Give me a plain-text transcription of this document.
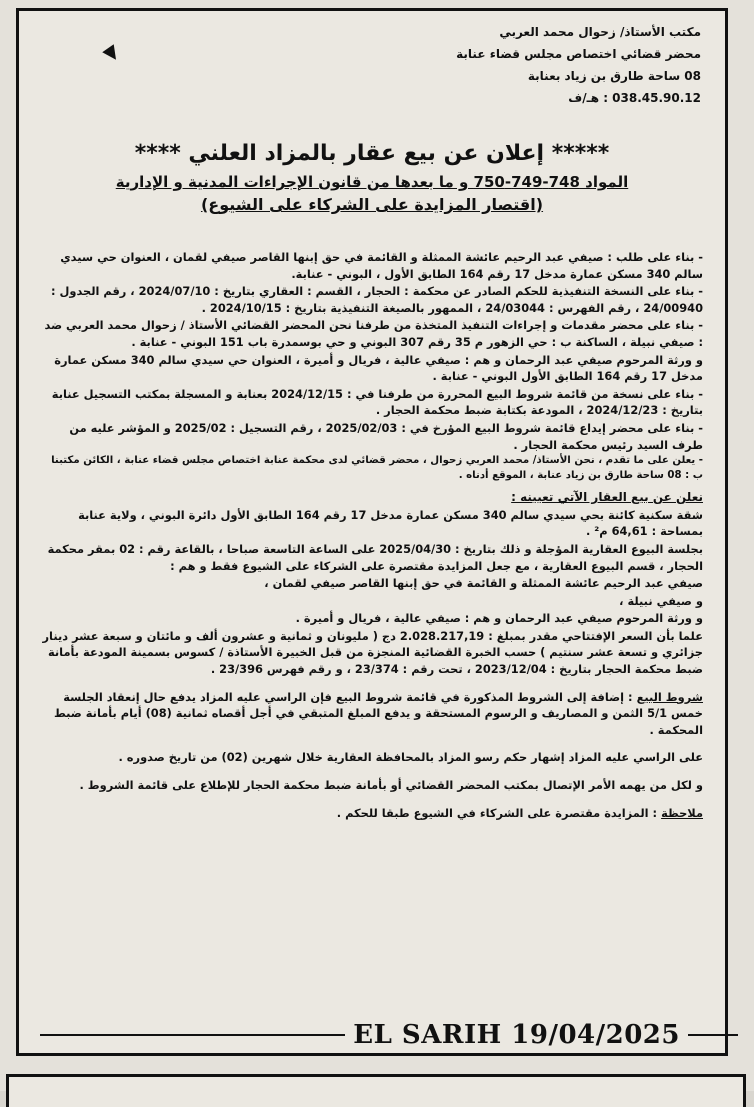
مكتب الأستاذ/ زحوال محمد العربي
محضر قضائي اختصاص مجلس قضاء عنابة
08 ساحة طارق بن زياد بعنابة
038.45.90.12 : هـ/ف

***** إعلان عن بيع عقار بالمزاد العلني ****

المواد 748-749-750 و ما بعدها من قانون الإجراءات المدنية و الإدارية

(اقتصار المزايدة على الشركاء على الشيوع)

- بناء على طلب : صيفي عبد الرحيم عائشة الممثلة و القائمة في حق إبنها القاصر صيفي لقمان ، العنوان حي سيدي سالم 340 مسكن عمارة مدخل 17 رقم 164 الطابق الأول ، البوني - عنابة.

- بناء على النسخة التنفيذية للحكم الصادر عن محكمة : الحجار ، القسم : العقاري بتاريخ : 2024/07/10 ، رقم الجدول : 24/00940 ، رقم الفهرس : 24/03044 ، الممهور بالصيغة التنفيذية بتاريخ : 2024/10/15 .

- بناء على محضر مقدمات و إجراءات التنفيذ المتخذة من طرفنا نحن المحضر القضائي الأستاذ / زحوال محمد العربي ضد : صيفي نبيلة ، الساكنة ب : حي الزهور م 35 رقم 307 البوني و حي بوسمدرة باب 151 البوني - عنابة .

و ورثة المرحوم صيفي عبد الرحمان و هم : صيفي عالية ، فريال و أميرة ، العنوان حي سيدي سالم 340 مسكن عمارة مدخل 17 رقم 164 الطابق الأول البوني - عنابة .

- بناء على نسخة من قائمة شروط البيع المحررة من طرفنا في : 2024/12/15 بعنابة و المسجلة بمكتب التسجيل عنابة بتاريخ : 2024/12/23 ، المودعة بكتابة ضبط محكمة الحجار .

- بناء على محضر إيداع قائمة شروط البيع المؤرخ في : 2025/02/03 ، رقم التسجيل : 2025/02 و المؤشر عليه من طرف السيد رئيس محكمة الحجار .

- يعلن على ما تقدم ، نحن الأستاذ/ محمد العربي زحوال ، محضر قضائي لدى محكمة عنابة اختصاص مجلس قضاء عنابة ، الكائن مكتبنا ب : 08 ساحة طارق بن زياد عنابة ، الموقع أدناه .

نعلن عن بيع العقار الآتي تعيينه :

شقة سكنية كائنة بحي سيدي سالم 340 مسكن عمارة مدخل 17 رقم 164 الطابق الأول دائرة البوني ، ولاية عنابة بمساحة : 64,61 م² .

بجلسة البيوع العقارية المؤجلة و ذلك بتاريخ : 2025/04/30 على الساعة التاسعة صباحا ، بالقاعة رقم : 02 بمقر محكمة الحجار ، قسم البيوع العقارية ، مع جعل المزايدة مقتصرة على الشركاء على الشيوع فقط و هم :

صيفي عبد الرحيم عائشة الممثلة و القائمة في حق إبنها القاصر صيفي لقمان ،

و صيفي نبيلة ،

و ورثة المرحوم صيفي عبد الرحمان و هم : صيفي عالية ، فريال و أميرة .

علما بأن السعر الإفتتاحي مقدر بمبلغ : 2.028.217,19 دج ( مليونان و ثمانية و عشرون ألف و مائتان و سبعة عشر دينار جزائري و تسعة عشر سنتيم ) حسب الخبرة القضائية المنجزة من قبل الخبيرة الأستاذة / كسوس بسمينة المودعة بأمانة ضبط محكمة الحجار بتاريخ : 2023/12/04 ، تحت رقم : 23/374 ، و رقم فهرس 23/396 .

شروط البيع : إضافة إلى الشروط المذكورة في قائمة شروط البيع فإن الراسي عليه المزاد يدفع حال إنعقاد الجلسة خمس 5/1 الثمن و المصاريف و الرسوم المستحقة و يدفع المبلغ المتبقي في أجل أقصاه ثمانية (08) أيام بأمانة ضبط المحكمة .

على الراسي عليه المزاد إشهار حكم رسو المزاد بالمحافظة العقارية خلال شهرين (02) من تاريخ صدوره .

و لكل من يهمه الأمر الإتصال بمكتب المحضر القضائي أو بأمانة ضبط محكمة الحجار للإطلاع على قائمة الشروط .

ملاحظة : المزايدة مقتصرة على الشركاء في الشيوع طبقا للحكم .

EL SARIH 19/04/2025
